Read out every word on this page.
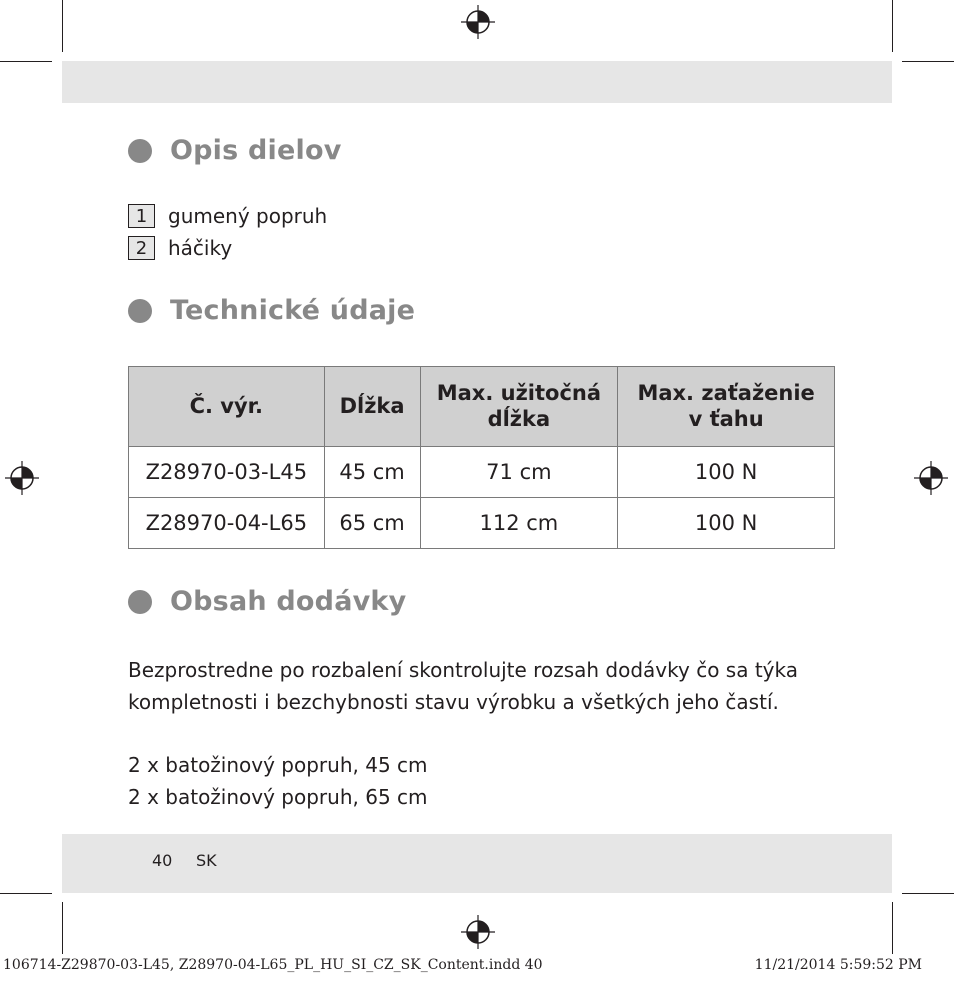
Opis dielov
1	gumený popruh
2	háčiky
Technické údaje
Č. výr.	Dĺžka	Max. užitočná dĺžka	Max. zaťaženie v ťahu
Z28970-03-L45	45 cm	71 cm	100 N
Z28970-04-L65	65 cm	112 cm	100 N
Obsah dodávky
Bezprostredne po rozbalení skontrolujte rozsah dodávky čo sa týka
kompletnosti i bezchybnosti stavu výrobku a všetkých jeho častí.
2 x batožinový popruh, 45 cm
2 x batožinový popruh, 65 cm
40 SK
106714-Z29870-03-L45, Z28970-04-L65_PL_HU_SI_CZ_SK_Content.indd 40	11/21/2014 5:59:52 PM
